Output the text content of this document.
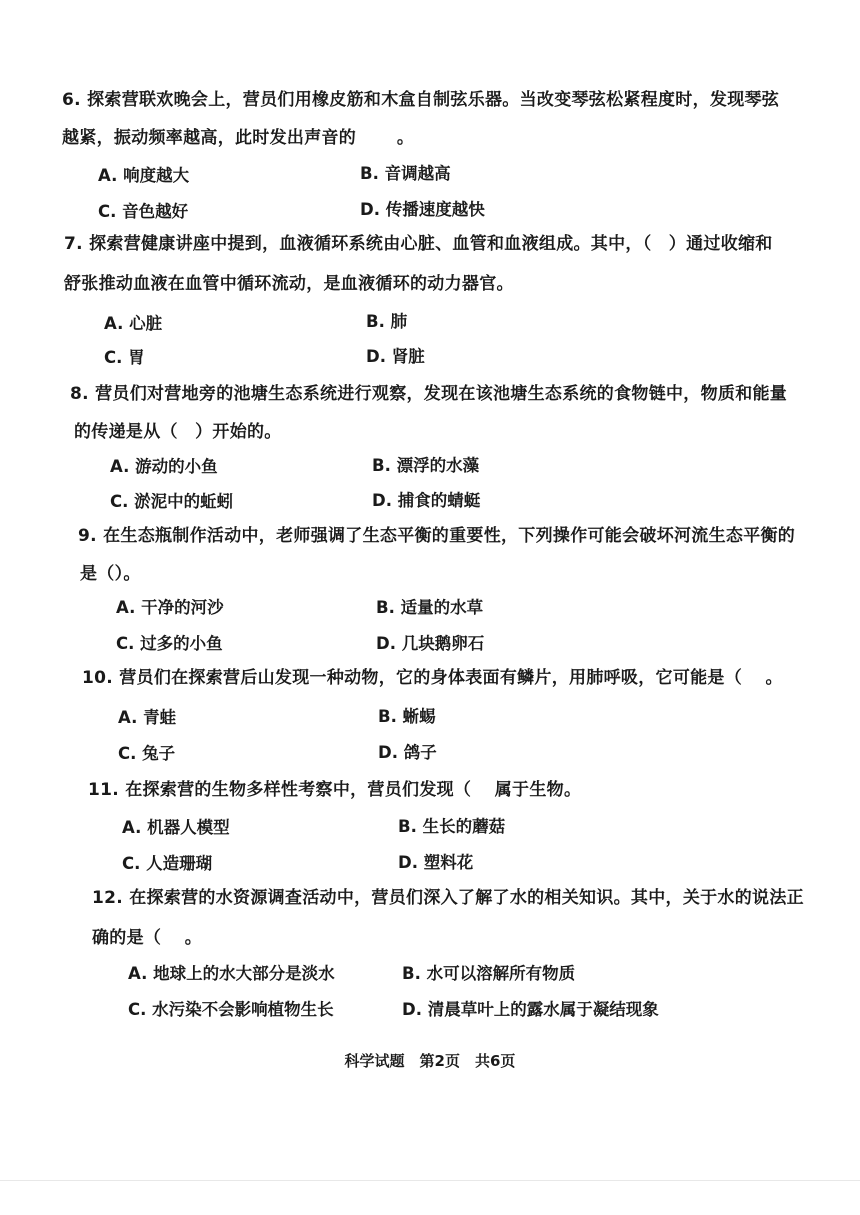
6. 探索营联欢晚会上，营员们用橡皮筋和木盒自制弦乐器。当改变琴弦松紧程度时，发现琴弦
越紧，振动频率越高，此时发出声音的　　 。
A. 响度越大	B. 音调越高
C. 音色越好	D. 传播速度越快
7. 探索营健康讲座中提到，血液循环系统由心脏、血管和血液组成。其中，（　）通过收缩和
舒张推动血液在血管中循环流动，是血液循环的动力器官。
A. 心脏	B. 肺
C. 胃	D. 肾脏
8. 营员们对营地旁的池塘生态系统进行观察，发现在该池塘生态系统的食物链中，物质和能量
的传递是从（　）开始的。
A. 游动的小鱼	B. 漂浮的水藻
C. 淤泥中的蚯蚓	D. 捕食的蜻蜓
9. 在生态瓶制作活动中，老师强调了生态平衡的重要性，下列操作可能会破坏河流生态平衡的
是（）。
A. 干净的河沙	B. 适量的水草
C. 过多的小鱼	D. 几块鹅卵石
10. 营员们在探索营后山发现一种动物，它的身体表面有鳞片，用肺呼吸，它可能是（　 。
A. 青蛙	B. 蜥蜴
C. 兔子	D. 鸽子
11. 在探索营的生物多样性考察中，营员们发现（　 属于生物。
A. 机器人模型	B. 生长的蘑菇
C. 人造珊瑚	D. 塑料花
12. 在探索营的水资源调查活动中，营员们深入了解了水的相关知识。其中，关于水的说法正
确的是（　 。
A. 地球上的水大部分是淡水	B. 水可以溶解所有物质
C. 水污染不会影响植物生长	D. 清晨草叶上的露水属于凝结现象
科学试题　第2页　共6页
